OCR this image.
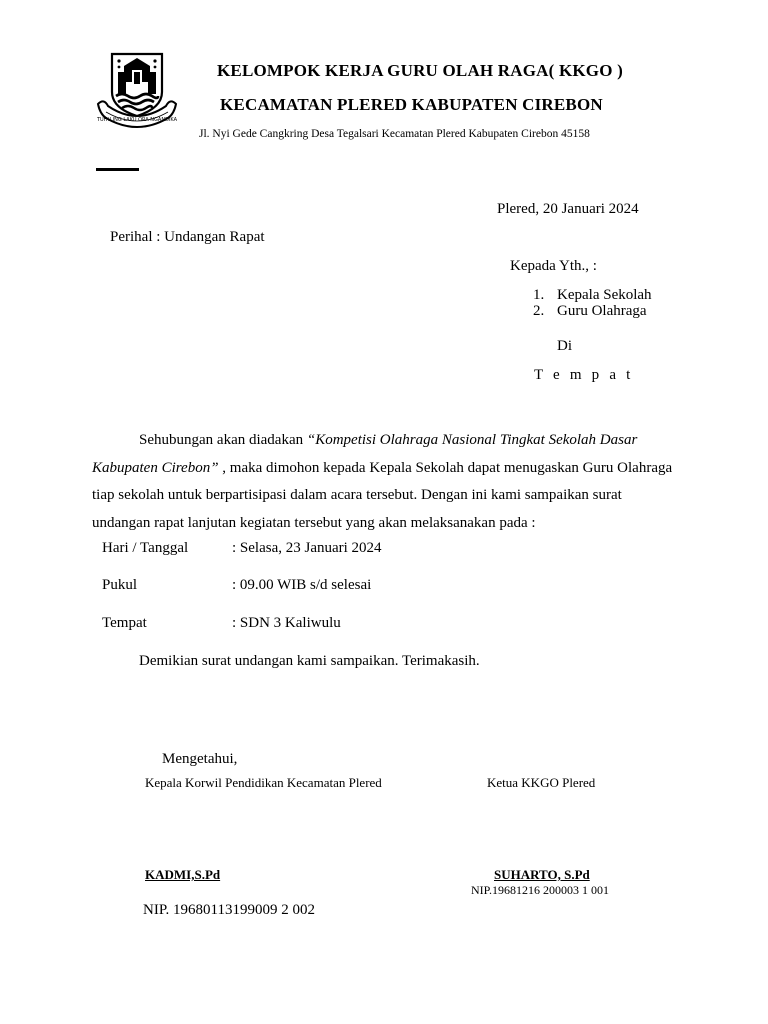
TUHU ING LAKU ORA NGANDIKA
KELOMPOK KERJA GURU OLAH RAGA( KKGO )
KECAMATAN PLERED KABUPATEN CIREBON
Jl. Nyi Gede Cangkring Desa Tegalsari Kecamatan Plered Kabupaten Cirebon 45158
Plered, 20 Januari 2024
Perihal : Undangan Rapat
Kepada Yth., :
1. Kepala Sekolah
2. Guru Olahraga
Di
T e m p a t
Sehubungan akan diadakan “Kompetisi Olahraga Nasional Tingkat Sekolah Dasar Kabupaten Cirebon” , maka dimohon kepada Kepala Sekolah dapat menugaskan Guru Olahraga tiap sekolah untuk berpartisipasi dalam acara tersebut. Dengan ini kami sampaikan surat undangan rapat lanjutan kegiatan tersebut yang akan melaksanakan pada :
Hari / Tanggal	: Selasa, 23 Januari 2024
Pukul	: 09.00 WIB s/d selesai
Tempat	: SDN 3 Kaliwulu
Demikian surat undangan kami sampaikan. Terimakasih.
Mengetahui,
Kepala Korwil Pendidikan Kecamatan Plered	Ketua KKGO Plered
KADMI,S.Pd	SUHARTO, S.Pd
NIP.19681216 200003 1 001
NIP. 19680113199009 2 002
